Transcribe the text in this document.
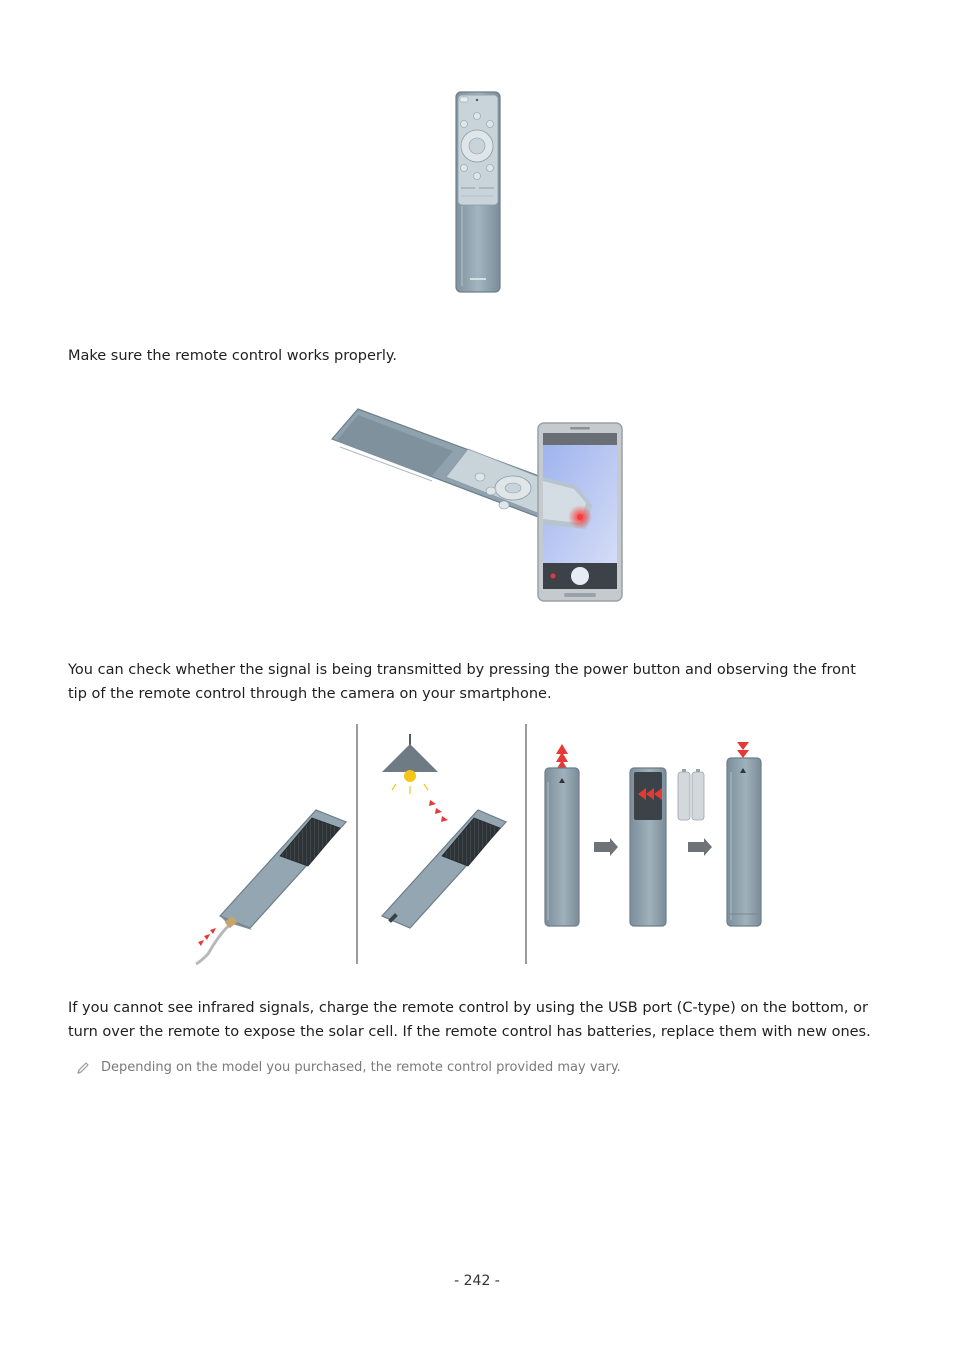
Make sure the remote control works properly.

You can check whether the signal is being transmitted by pressing the power button and observing the front tip of the remote control through the camera on your smartphone.

If you cannot see infrared signals, charge the remote control by using the USB port (C-type) on the bottom, or turn over the remote to expose the solar cell. If the remote control has batteries, replace them with new ones.

Depending on the model you purchased, the remote control provided may vary.
- 242 -
